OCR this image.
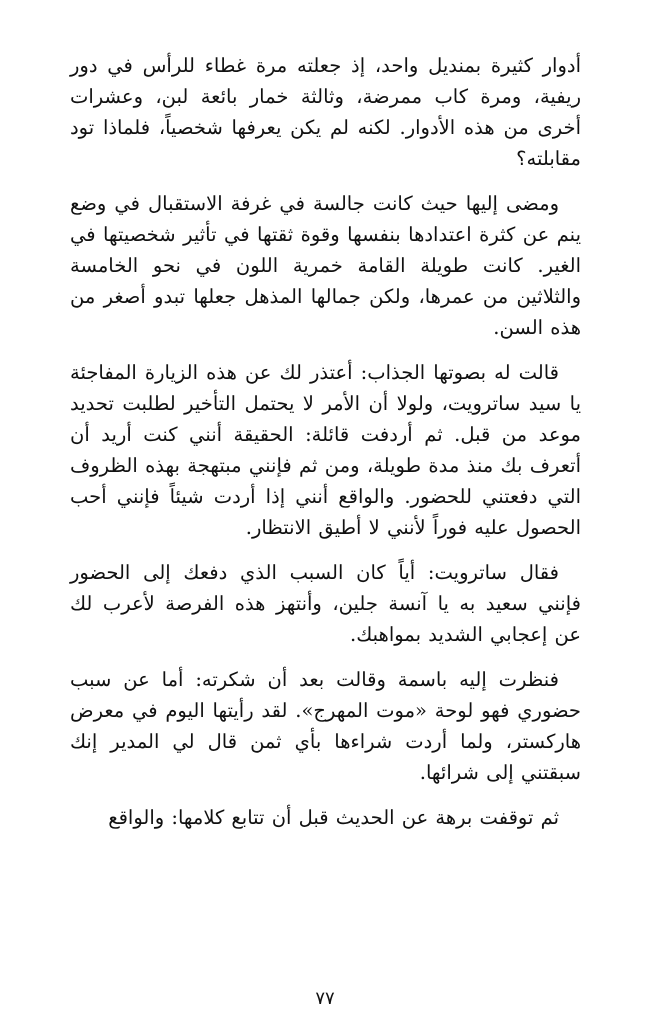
أدوار كثيرة بمنديل واحد، إذ جعلته مرة غطاء للرأس في دور ريفية، ومرة كاب ممرضة، وثالثة خمار بائعة لبن، وعشرات أخرى من هذه الأدوار. لكنه لم يكن يعرفها شخصياً، فلماذا تود مقابلته؟

ومضى إليها حيث كانت جالسة في غرفة الاستقبال في وضع ينم عن كثرة اعتدادها بنفسها وقوة ثقتها في تأثير شخصيتها في الغير. كانت طويلة القامة خمرية اللون في نحو الخامسة والثلاثين من عمرها، ولكن جمالها المذهل جعلها تبدو أصغر من هذه السن.

قالت له بصوتها الجذاب: أعتذر لك عن هذه الزيارة المفاجئة يا سيد ساترويت، ولولا أن الأمر لا يحتمل التأخير لطلبت تحديد موعد من قبل. ثم أردفت قائلة: الحقيقة أنني كنت أريد أن أتعرف بك منذ مدة طويلة، ومن ثم فإنني مبتهجة بهذه الظروف التي دفعتني للحضور. والواقع أنني إذا أردت شيئاً فإنني أحب الحصول عليه فوراً لأنني لا أطيق الانتظار.

فقال ساترويت: أياً كان السبب الذي دفعك إلى الحضور فإنني سعيد به يا آنسة جلين، وأنتهز هذه الفرصة لأعرب لك عن إعجابي الشديد بمواهبك.

فنظرت إليه باسمة وقالت بعد أن شكرته: أما عن سبب حضوري فهو لوحة «موت المهرج». لقد رأيتها اليوم في معرض هاركستر، ولما أردت شراءها بأي ثمن قال لي المدير إنك سبقتني إلى شرائها.

ثم توقفت برهة عن الحديث قبل أن تتابع كلامها: والواقع

٧٧
